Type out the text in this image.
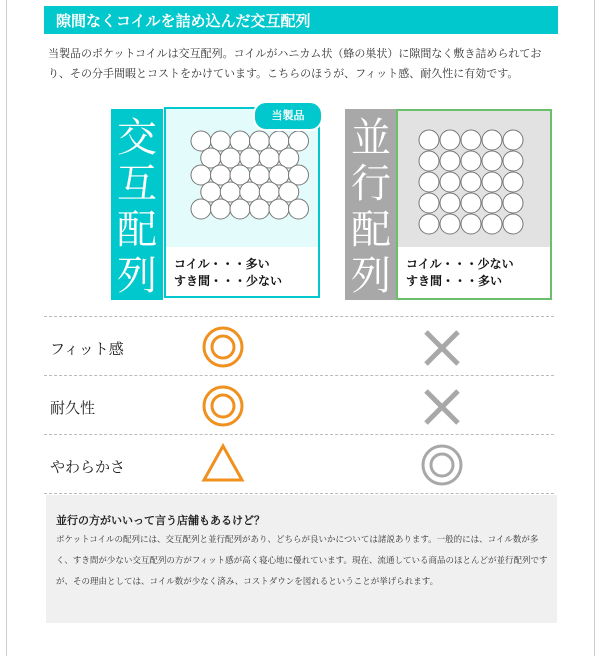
隙間なくコイルを詰め込んだ交互配列
当製品のポケットコイルは交互配列。コイルがハニカム状（蜂の巣状）に隙間なく敷き詰められており、その分手間暇とコストをかけています。こちらのほうが、フィット感、耐久性に有効です。
交
互
配
列
当製品
コイル・・・多い
すき間・・・少ない
並
行
配
列	コイル・・・少ない
すき間・・・多い
フィット感
耐久性
やわらかさ
並行の方がいいって言う店舗もあるけど？
ポケットコイルの配列には、交互配列と並行配列があり、どちらが良いかについては諸説あります。一般的には、コイル数が多く、すき間が少ない交互配列の方がフィット感が高く寝心地に優れています。現在、流通している商品のほとんどが並行配列ですが、その理由としては、コイル数が少なく済み、コストダウンを図れるということが挙げられます。
